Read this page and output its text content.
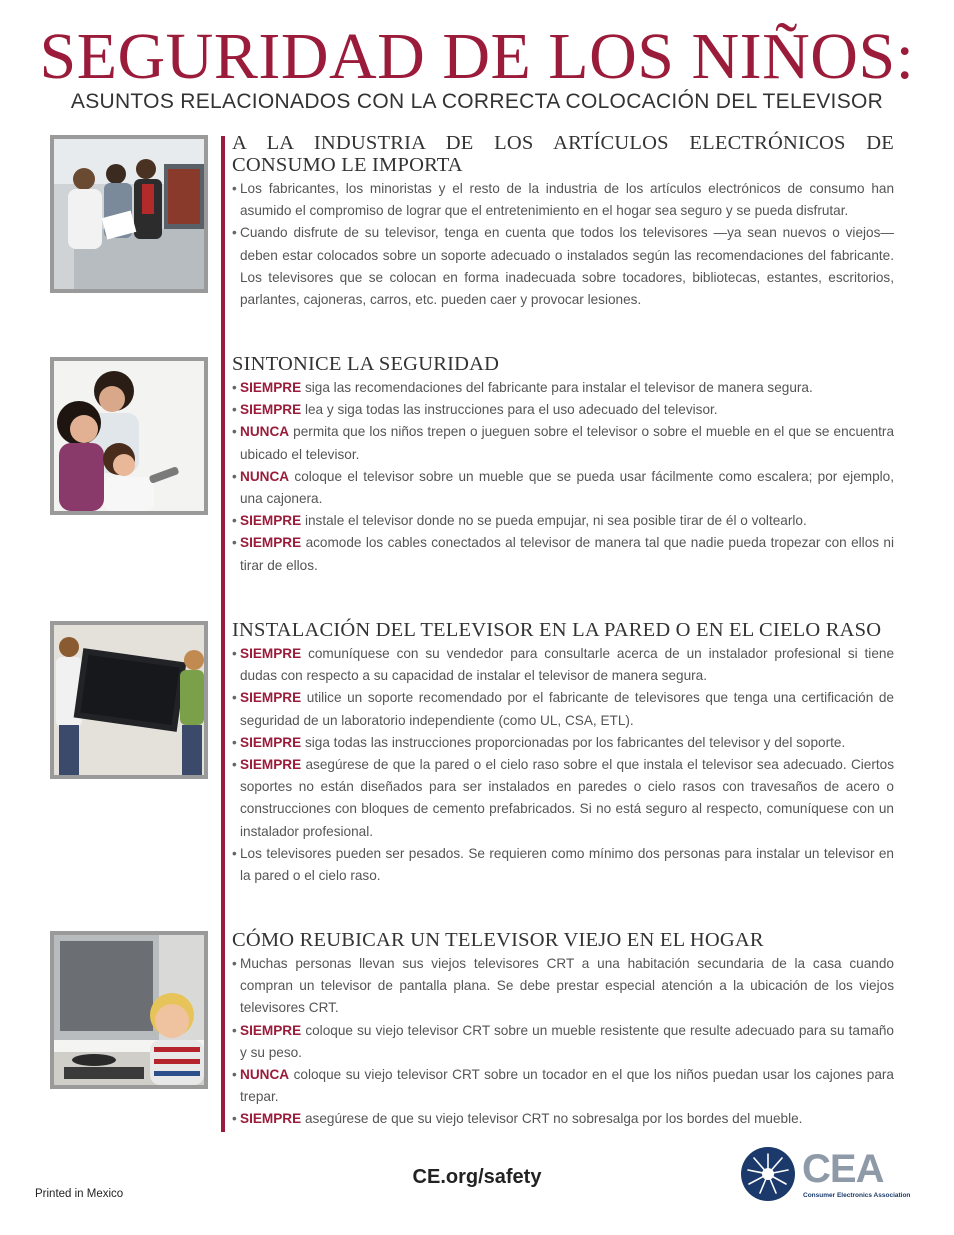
SEGURIDAD DE LOS NIÑOS:

ASUNTOS RELACIONADOS CON LA CORRECTA COLOCACIÓN DEL TELEVISOR

A LA INDUSTRIA DE LOS ARTÍCULOS ELECTRÓNICOS DE CONSUMO LE IMPORTA
• Los fabricantes, los minoristas y el resto de la industria de los artículos electrónicos de consumo han asumido el compromiso de lograr que el entretenimiento en el hogar sea seguro y se pueda disfrutar.
• Cuando disfrute de su televisor, tenga en cuenta que todos los televisores —ya sean nuevos o viejos— deben estar colocados sobre un soporte adecuado o instalados según las recomendaciones del fabricante. Los televisores que se colocan en forma inadecuada sobre tocadores, bibliotecas, estantes, escritorios, parlantes, cajoneras, carros, etc. pueden caer y provocar lesiones.
SINTONICE LA SEGURIDAD
• SIEMPRE siga las recomendaciones del fabricante para instalar el televisor de manera segura.
• SIEMPRE lea y siga todas las instrucciones para el uso adecuado del televisor.
• NUNCA permita que los niños trepen o jueguen sobre el televisor o sobre el mueble en el que se encuentra ubicado el televisor.
• NUNCA coloque el televisor sobre un mueble que se pueda usar fácilmente como escalera; por ejemplo, una cajonera.
• SIEMPRE instale el televisor donde no se pueda empujar, ni sea posible tirar de él o voltearlo.
• SIEMPRE acomode los cables conectados al televisor de manera tal que nadie pueda tropezar con ellos ni tirar de ellos.
INSTALACIÓN DEL TELEVISOR EN LA PARED O EN EL CIELO RASO
• SIEMPRE comuníquese con su vendedor para consultarle acerca de un instalador profesional si tiene dudas con respecto a su capacidad de instalar el televisor de manera segura.
• SIEMPRE utilice un soporte recomendado por el fabricante de televisores que tenga una certificación de seguridad de un laboratorio independiente (como UL, CSA, ETL).
• SIEMPRE siga todas las instrucciones proporcionadas por los fabricantes del televisor y del soporte.
• SIEMPRE asegúrese de que la pared o el cielo raso sobre el que instala el televisor sea adecuado. Ciertos soportes no están diseñados para ser instalados en paredes o cielo rasos con travesaños de acero o construcciones con bloques de cemento prefabricados. Si no está seguro al respecto, comuníquese con un instalador profesional.
• Los televisores pueden ser pesados. Se requieren como mínimo dos personas para instalar un televisor en la pared o el cielo raso.
CÓMO REUBICAR UN TELEVISOR VIEJO EN EL HOGAR
• Muchas personas llevan sus viejos televisores CRT a una habitación secundaria de la casa cuando compran un televisor de pantalla plana. Se debe prestar especial atención a la ubicación de los viejos televisores CRT.
• SIEMPRE coloque su viejo televisor CRT sobre un mueble resistente que resulte adecuado para su tamaño y su peso.
• NUNCA coloque su viejo televisor CRT sobre un tocador en el que los niños puedan usar los cajones para trepar.
• SIEMPRE asegúrese de que su viejo televisor CRT no sobresalga por los bordes del mueble.
Printed in Mexico
CE.org/safety	CEA
Consumer Electronics Association
